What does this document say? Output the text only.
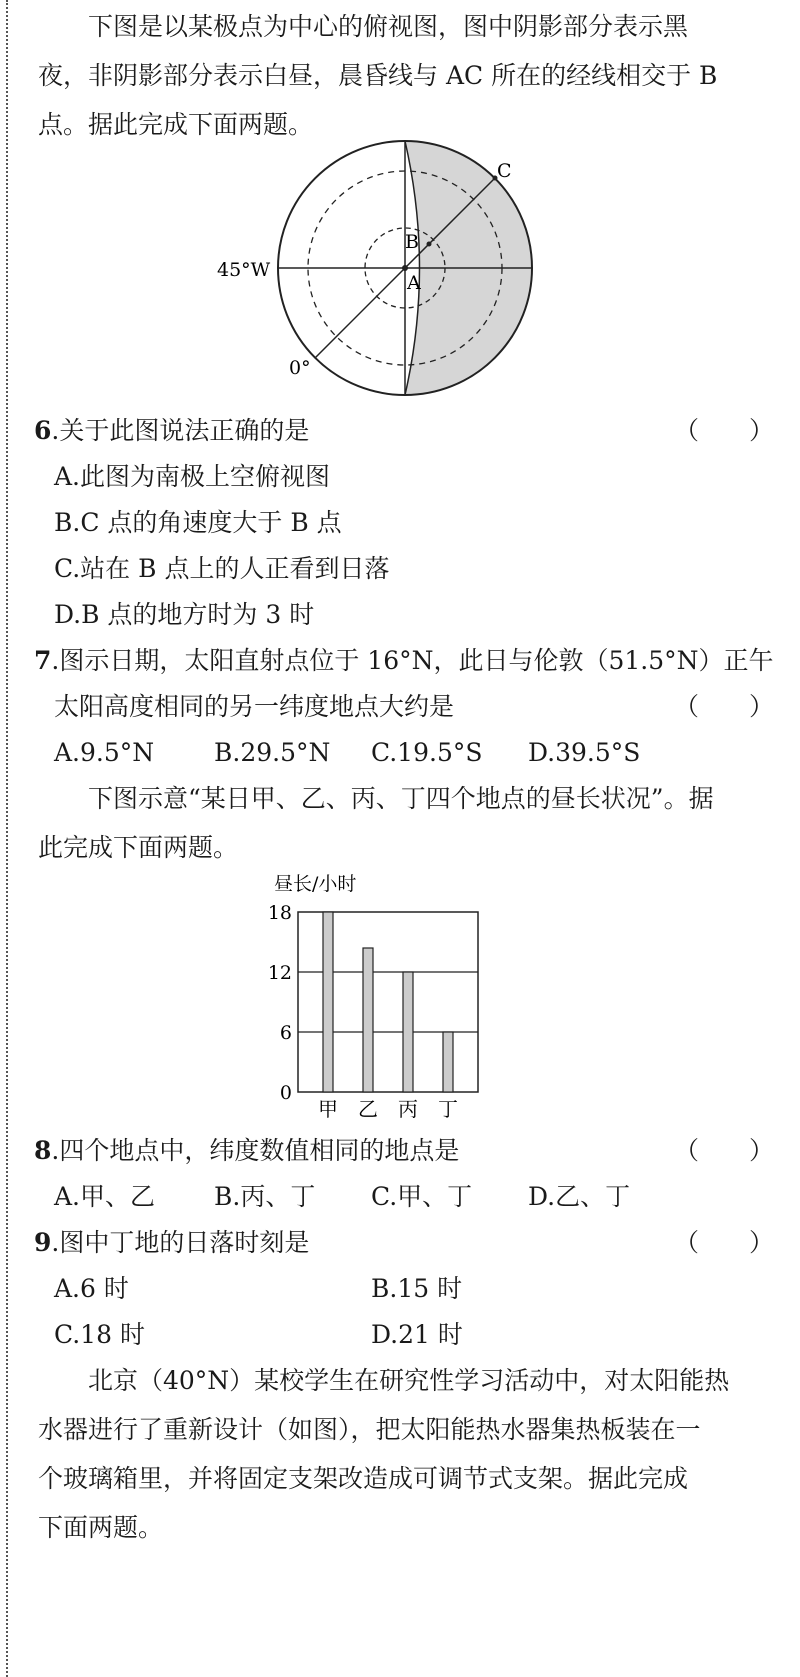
下图是以某极点为中心的俯视图，图中阴影部分表示黑
夜，非阴影部分表示白昼，晨昏线与 AC 所在的经线相交于 B
点。据此完成下面两题。
45°W
0°
A
B
C
6.关于此图说法正确的是	（　　）
A.此图为南极上空俯视图
B.C 点的角速度大于 B 点
C.站在 B 点上的人正看到日落
D.B 点的地方时为 3 时
7.图示日期，太阳直射点位于 16°N，此日与伦敦（51.5°N）正午
太阳高度相同的另一纬度地点大约是	（　　）
A.9.5°N B.29.5°N C.19.5°S D.39.5°S
下图示意“某日甲、乙、丙、丁四个地点的昼长状况”。据
此完成下面两题。
昼长/小时
18
12
6
0
甲 乙 丙 丁
8.四个地点中，纬度数值相同的地点是	（　　）
A.甲、乙 B.丙、丁 C.甲、丁 D.乙、丁
9.图中丁地的日落时刻是	（　　）
A.6 时	B.15 时
C.18 时	D.21 时
北京（40°N）某校学生在研究性学习活动中，对太阳能热
水器进行了重新设计（如图），把太阳能热水器集热板装在一
个玻璃箱里，并将固定支架改造成可调节式支架。据此完成
下面两题。
